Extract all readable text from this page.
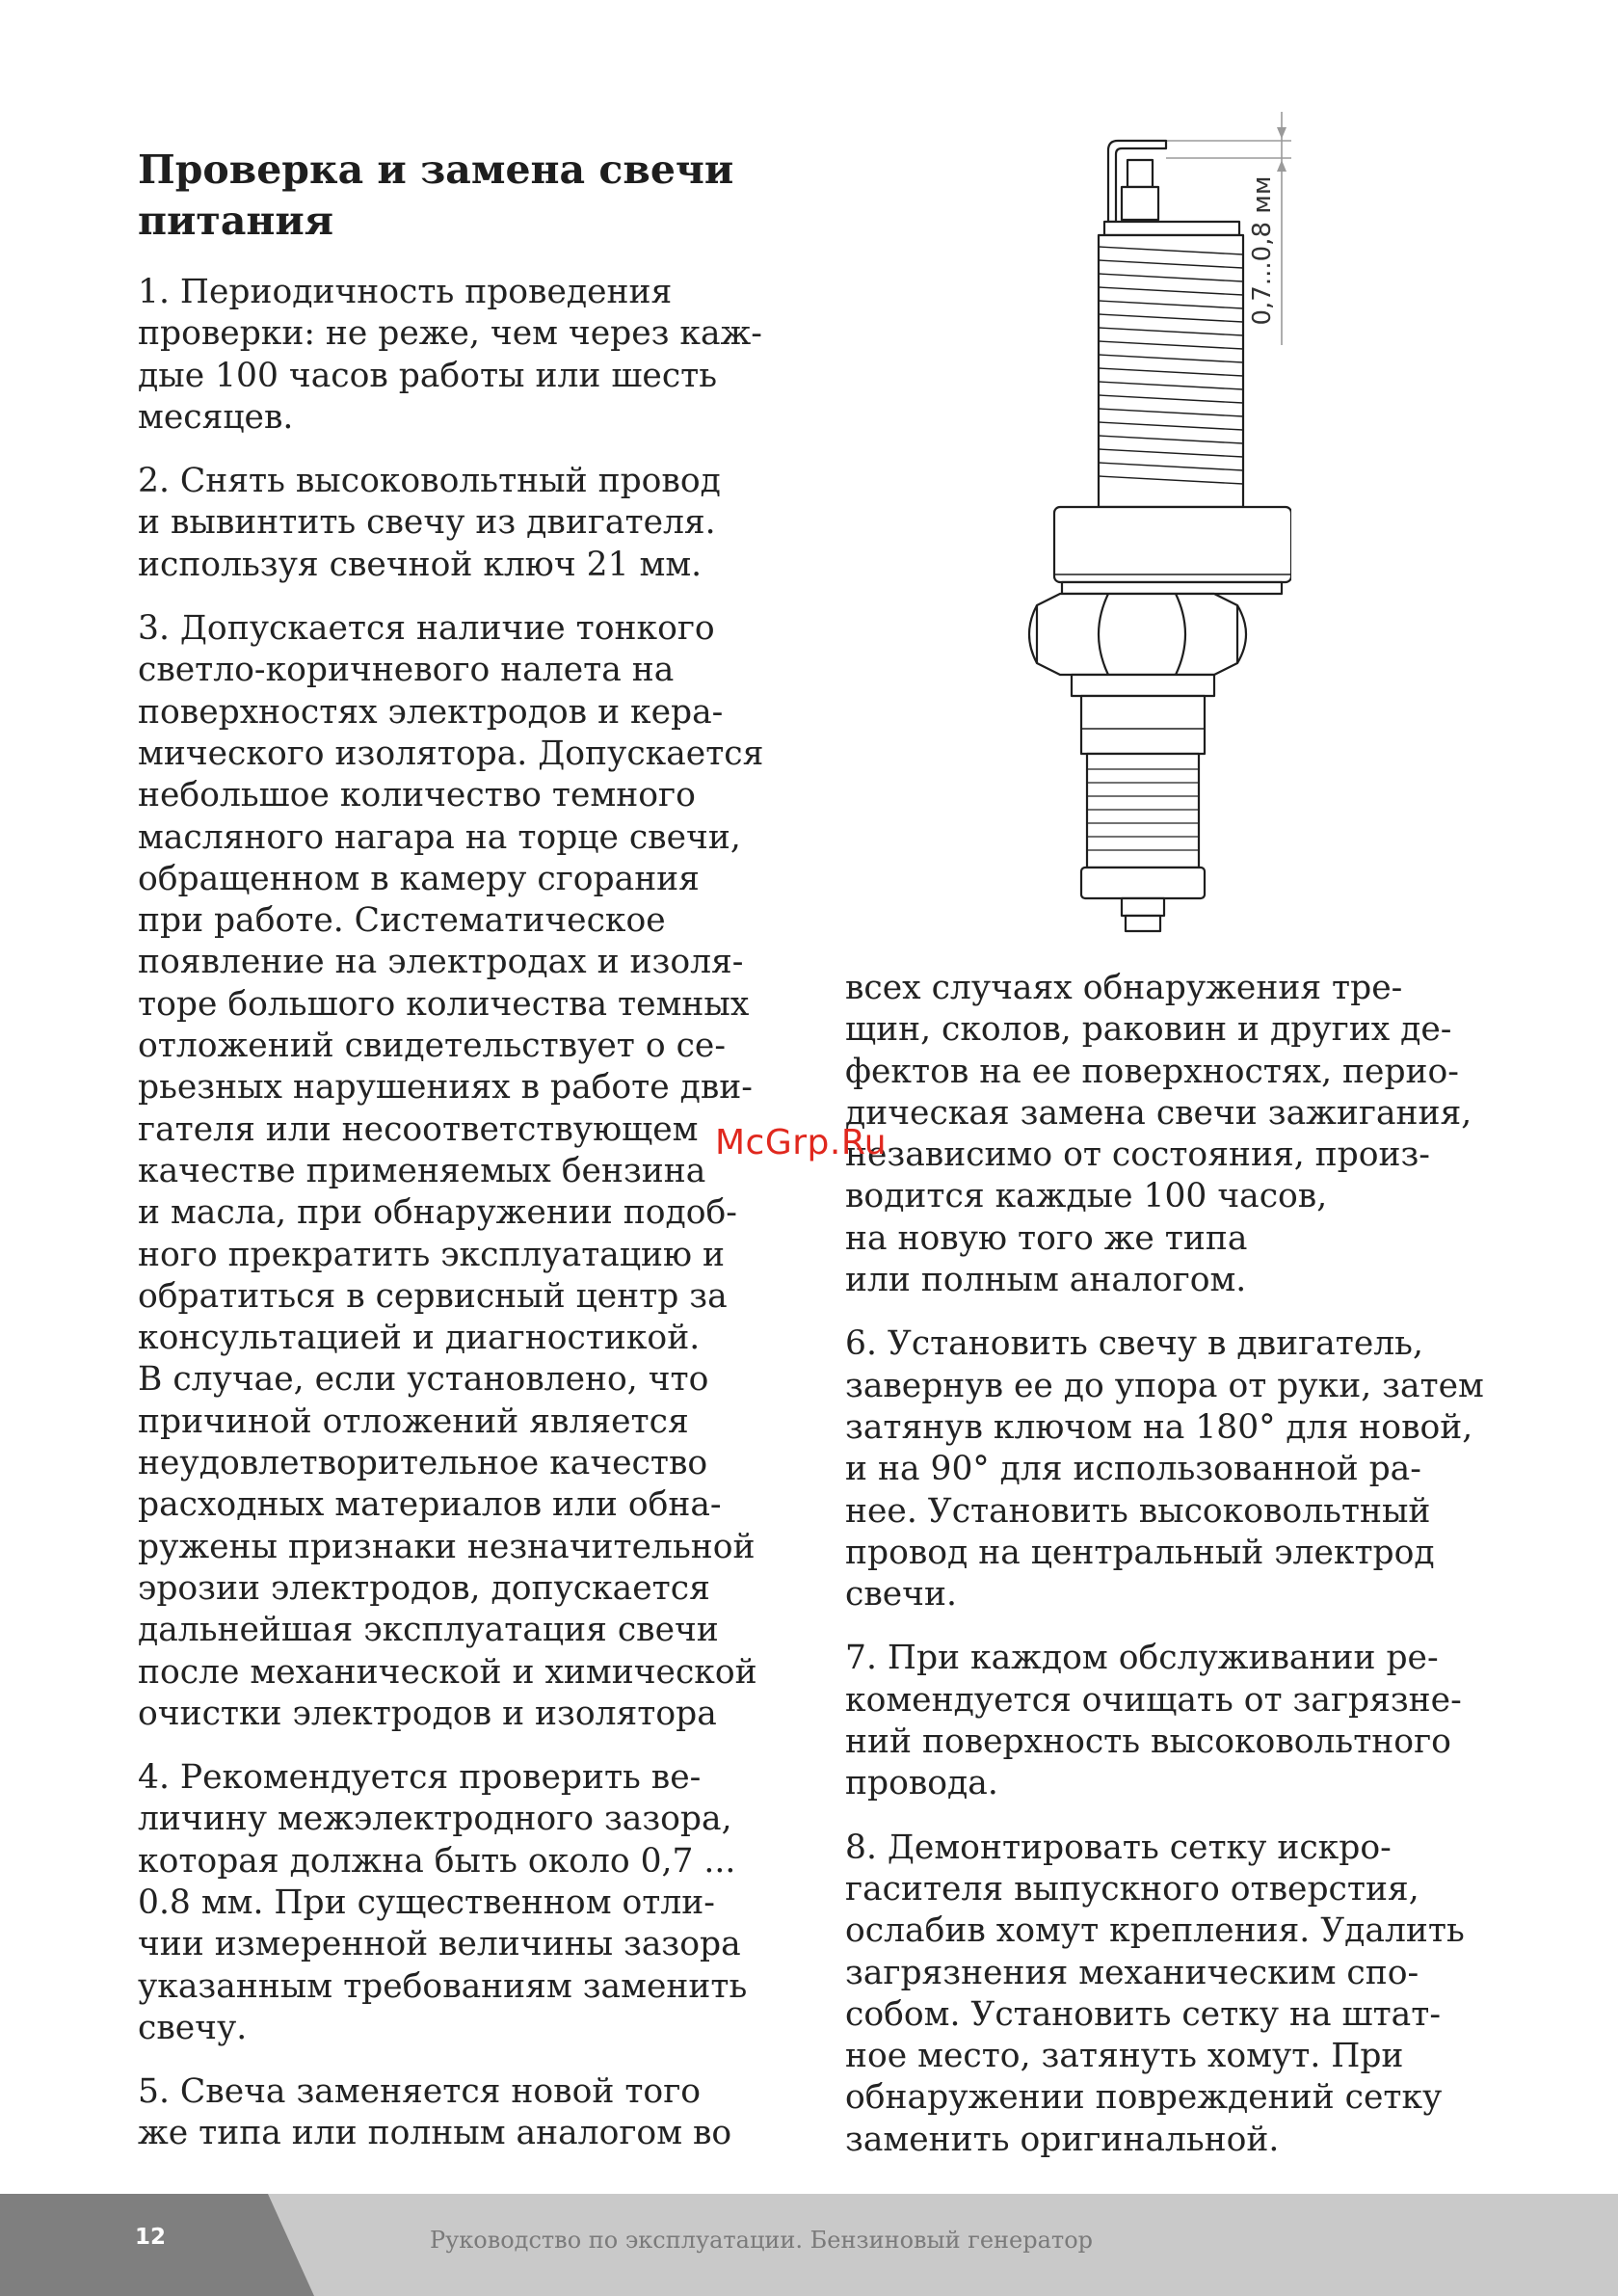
Проверка и замена свечи
питания

1. Периодичность проведения
проверки: не реже, чем через каж-
дые 100 часов работы или шесть
месяцев.

2. Снять высоковольтный провод
и вывинтить свечу из двигателя.
используя свечной ключ 21 мм.

3. Допускается наличие тонкого
светло-коричневого налета на
поверхностях электродов и кера-
мического изолятора. Допускается
небольшое количество темного
масляного нагара на торце свечи,
обращенном в камеру сгорания
при работе. Систематическое
появление на электродах и изоля-
торе большого количества темных
отложений свидетельствует о се-
рьезных нарушениях в работе дви-
гателя или несоответствующем
качестве применяемых бензина
и масла, при обнаружении подоб-
ного прекратить эксплуатацию и
обратиться в сервисный центр за
консультацией и диагностикой.
В случае, если установлено, что
причиной отложений является
неудовлетворительное качество
расходных материалов или обна-
ружены признаки незначительной
эрозии электродов, допускается
дальнейшая эксплуатация свечи
после механической и химической
очистки электродов и изолятора

4. Рекомендуется проверить ве-
личину межэлектродного зазора,
которая должна быть около 0,7 ...
0.8 мм. При существенном отли-
чии измеренной величины зазора
указанным требованиям заменить
свечу.

5. Свеча заменяется новой того
же типа или полным аналогом во

всех случаях обнаружения тре-
щин, сколов, раковин и других де-
фектов на ее поверхностях, перио-
дическая замена свечи зажигания,
независимо от состояния, произ-
водится каждые 100 часов,
на новую того же типа
или полным аналогом.

6. Установить свечу в двигатель,
завернув ее до упора от руки, затем
затянув ключом на 180° для новой,
и на 90° для использованной ра-
нее. Установить высоковольтный
провод на центральный электрод
свечи.

7. При каждом обслуживании ре-
комендуется очищать от загрязне-
ний поверхность высоковольтного
провода.

8. Демонтировать сетку искро-
гасителя выпускного отверстия,
ослабив хомут крепления. Удалить
загрязнения механическим спо-
собом. Установить сетку на штат-
ное место, затянуть хомут. При
обнаружении повреждений сетку
заменить оригинальной.

0,7...0,8 мм
McGrp.Ru
12	Руководство по эксплуатации. Бензиновый генератор
